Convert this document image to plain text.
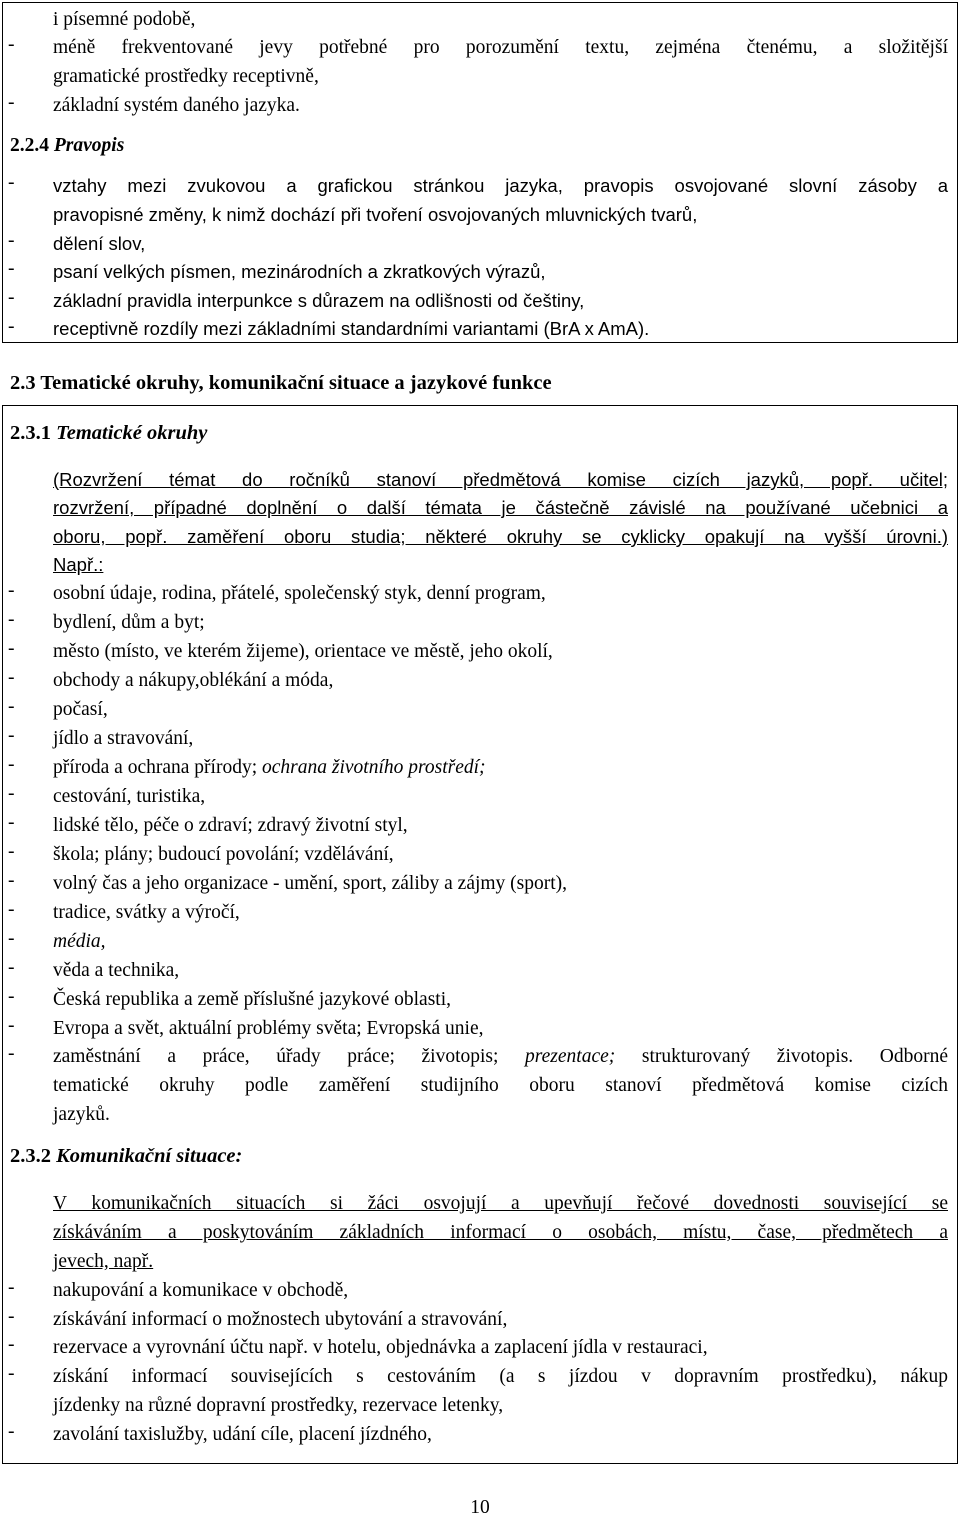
i písemné podobě,
- méně frekventované jevy potřebné pro porozumění textu, zejména čtenému, a složitější
gramatické prostředky receptivně,
- základní systém daného jazyka.
2.2.4 Pravopis
- vztahy mezi zvukovou a grafickou stránkou jazyka, pravopis osvojované slovní zásoby a
pravopisné změny, k nimž dochází při tvoření osvojovaných mluvnických tvarů,
- dělení slov,
- psaní velkých písmen, mezinárodních a zkratkových výrazů,
- základní pravidla interpunkce s důrazem na odlišnosti od češtiny,
- receptivně rozdíly mezi základními standardními variantami (BrA x AmA).
2.3 Tematické okruhy, komunikační situace a jazykové funkce
2.3.1 Tematické okruhy
(Rozvržení témat do ročníků stanoví předmětová komise cizích jazyků, popř. učitel;
rozvržení, případné doplnění o další témata je částečně závislé na používané učebnici a
oboru, popř. zaměření oboru studia; některé okruhy se cyklicky opakují na vyšší úrovni.)
Např.:
- osobní údaje, rodina, přátelé, společenský styk, denní program,
- bydlení, dům a byt;
- město (místo, ve kterém žijeme), orientace ve městě, jeho okolí,
- obchody a nákupy,oblékání a móda,
- počasí,
- jídlo a stravování,
- příroda a ochrana přírody; ochrana životního prostředí;
- cestování, turistika,
- lidské tělo, péče o zdraví; zdravý životní styl,
- škola; plány; budoucí povolání; vzdělávání,
- volný čas a jeho organizace - umění, sport, záliby a zájmy (sport),
- tradice, svátky a výročí,
- média,
- věda a technika,
- Česká republika a země příslušné jazykové oblasti,
- Evropa a svět, aktuální problémy světa; Evropská unie,
- zaměstnání a práce, úřady práce; životopis; prezentace; strukturovaný životopis. Odborné
tematické okruhy podle zaměření studijního oboru stanoví předmětová komise cizích
jazyků.
2.3.2 Komunikační situace:
V komunikačních situacích si žáci osvojují a upevňují řečové dovednosti související se
získáváním a poskytováním základních informací o osobách, místu, čase, předmětech a
jevech, např.
- nakupování a komunikace v obchodě,
- získávání informací o možnostech ubytování a stravování,
- rezervace a vyrovnání účtu např. v hotelu, objednávka a zaplacení jídla v restauraci,
- získání informací souvisejících s cestováním (a s jízdou v dopravním prostředku), nákup
jízdenky na různé dopravní prostředky, rezervace letenky,
- zavolání taxislužby, udání cíle, placení jízdného,
10
